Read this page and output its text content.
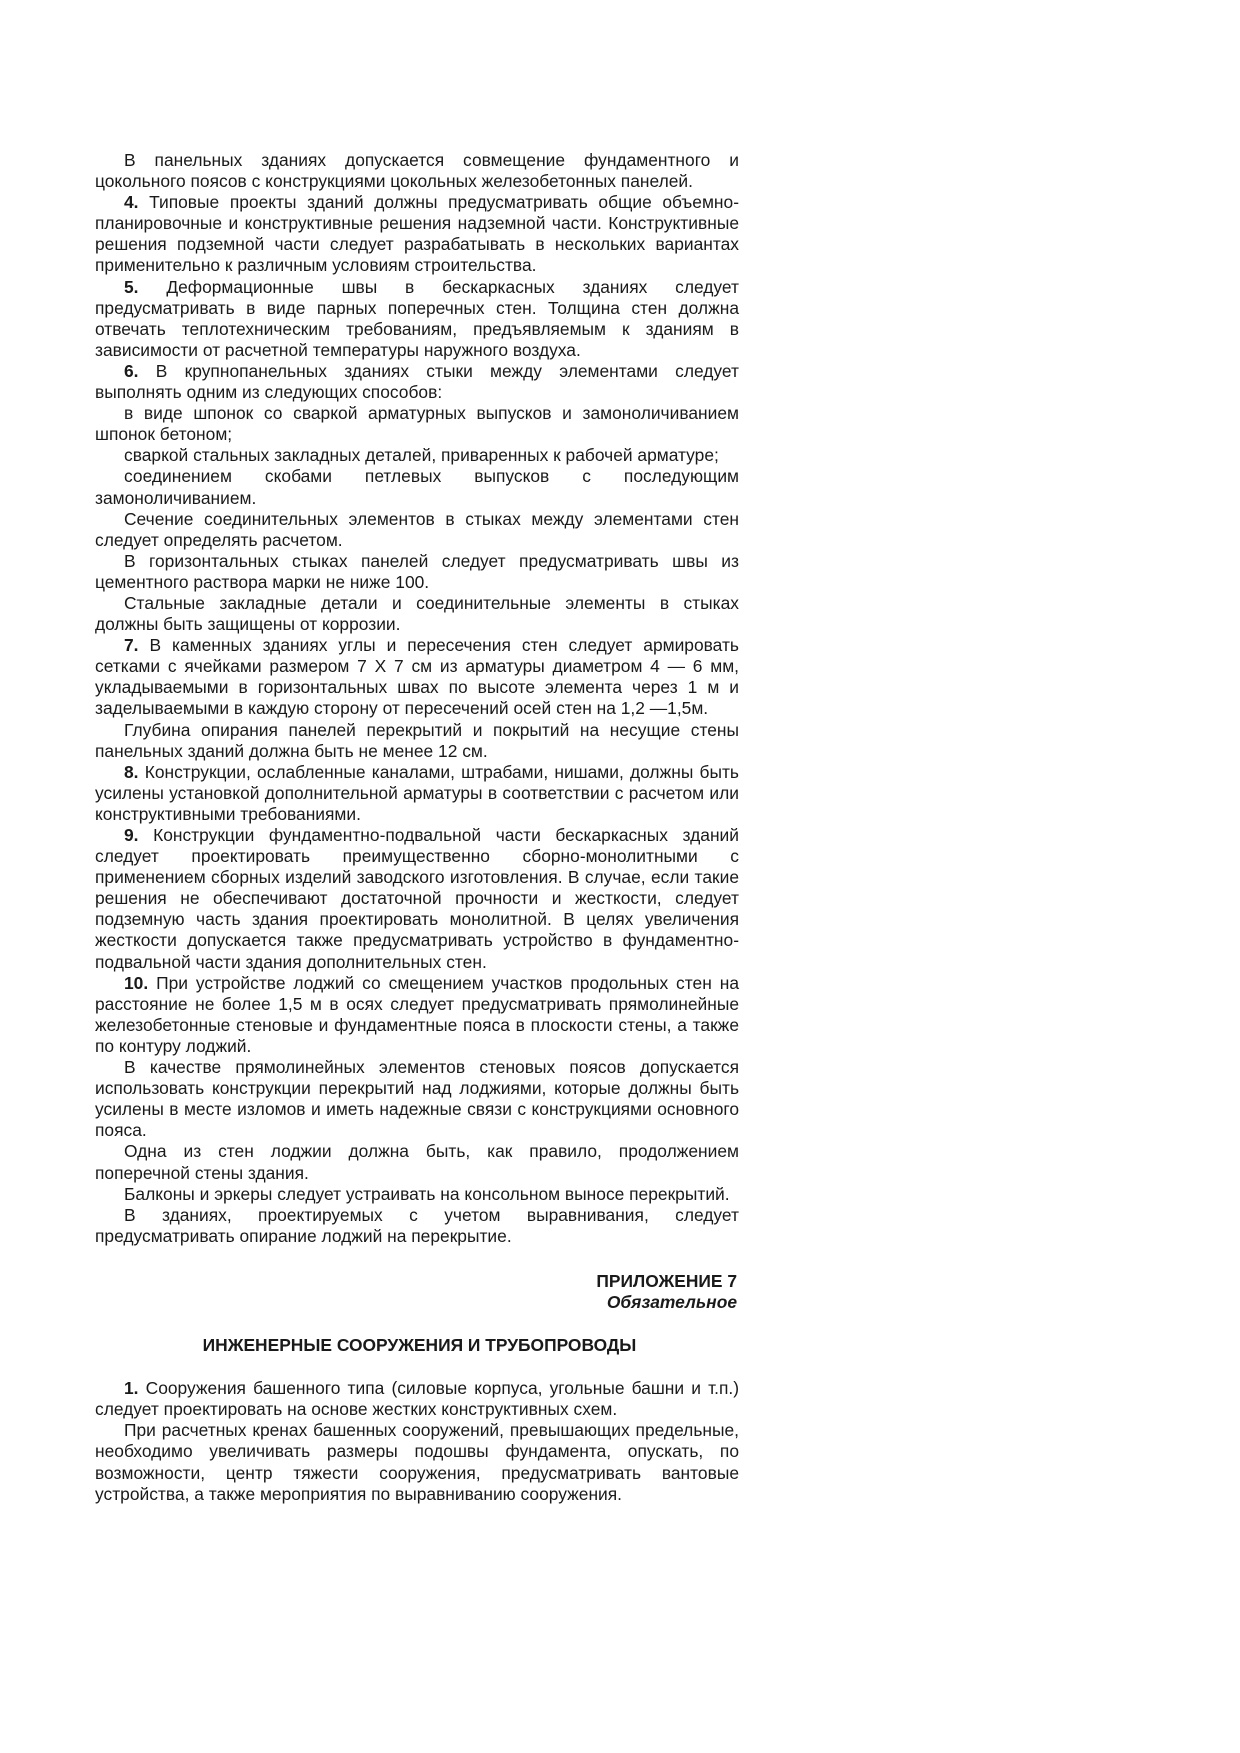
В панельных зданиях допускается совмещение фундаментного и цокольного поясов с конструкциями цокольных железобетонных панелей.

4. Типовые проекты зданий должны предусматривать общие объемно-планировочные и конструктивные решения надземной части. Конструктивные решения подземной части следует разрабатывать в нескольких вариантах применительно к различным условиям строительства.

5. Деформационные швы в бескаркасных зданиях следует предусматривать в виде парных поперечных стен. Толщина стен должна отвечать теплотехническим требованиям, предъявляемым к зданиям в зависимости от расчетной температуры наружного воздуха.

6. В крупнопанельных зданиях стыки между элементами следует выполнять одним из следующих способов:

в виде шпонок со сваркой арматурных выпусков и замоноличиванием шпонок бетоном;

сваркой стальных закладных деталей, приваренных к рабочей арматуре;

соединением скобами петлевых выпусков с последующим замоноличиванием.

Сечение соединительных элементов в стыках между элементами стен следует определять расчетом.

В горизонтальных стыках панелей следует предусматривать швы из цементного раствора марки не ниже 100.

Стальные закладные детали и соединительные элементы в стыках должны быть защищены от коррозии.

7. В каменных зданиях углы и пересечения стен следует армировать сетками с ячейками размером 7 Х 7 см из арматуры диаметром 4 — 6 мм, укладываемыми в горизонтальных швах по высоте элемента через 1 м и заделываемыми в каждую сторону от пересечений осей стен на 1,2 —1,5м.

Глубина опирания панелей перекрытий и покрытий на несущие стены панельных зданий должна быть не менее 12 см.

8. Конструкции, ослабленные каналами, штрабами, нишами, должны быть усилены установкой дополнительной арматуры в соответствии с расчетом или конструктивными требованиями.

9. Конструкции фундаментно-подвальной части бескаркасных зданий следует проектировать преимущественно сборно-монолитными с применением сборных изделий заводского изготовления. В случае, если такие решения не обеспечивают достаточной прочности и жесткости, следует подземную часть здания проектировать монолитной. В целях увеличения жесткости допускается также предусматривать устройство в фундаментно-подвальной части здания дополнительных стен.

10. При устройстве лоджий со смещением участков продольных стен на расстояние не более 1,5 м в осях следует предусматривать прямолинейные железобетонные стеновые и фундаментные пояса в плоскости стены, а также по контуру лоджий.

В качестве прямолинейных элементов стеновых поясов допускается использовать конструкции перекрытий над лоджиями, которые должны быть усилены в месте изломов и иметь надежные связи с конструкциями основного пояса.

Одна из стен лоджии должна быть, как правило, продолжением поперечной стены здания.

Балконы и эркеры следует устраивать на консольном выносе перекрытий.

В зданиях, проектируемых с учетом выравнивания, следует предусматривать опирание лоджий на перекрытие.

ПРИЛОЖЕНИЕ 7
Обязательное
ИНЖЕНЕРНЫЕ СООРУЖЕНИЯ И ТРУБОПРОВОДЫ

1. Сооружения башенного типа (силовые корпуса, угольные башни и т.п.) следует проектировать на основе жестких конструктивных схем.

При расчетных кренах башенных сооружений, превышающих предельные, необходимо увеличивать размеры подошвы фундамента, опускать, по возможности, центр тяжести сооружения, предусматривать вантовые устройства, а также мероприятия по выравниванию сооружения.
